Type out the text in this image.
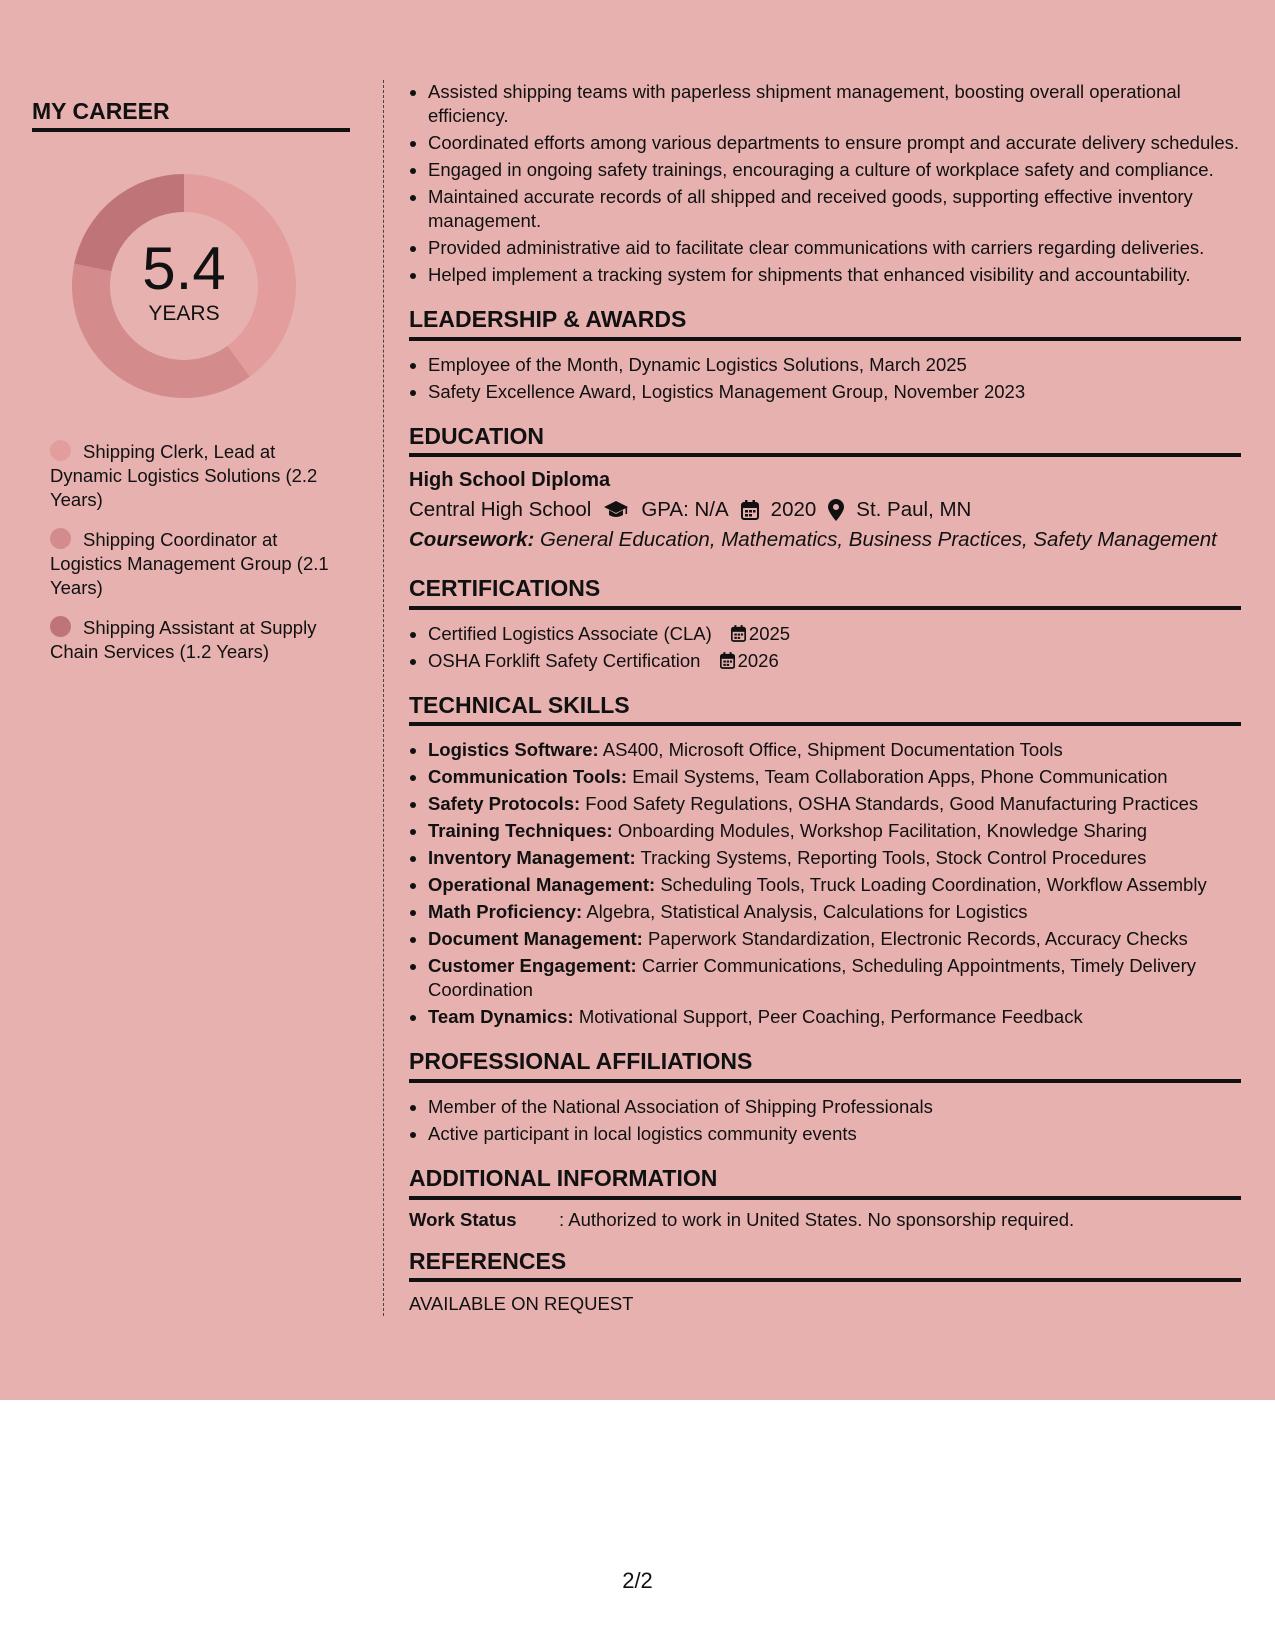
MY CAREER
5.4
YEARS
Shipping Clerk, Lead at Dynamic Logistics Solutions (2.2 Years)
Shipping Coordinator at Logistics Management Group (2.1 Years)
Shipping Assistant at Supply Chain Services (1.2 Years)
• Assisted shipping teams with paperless shipment management, boosting overall operational efficiency.
• Coordinated efforts among various departments to ensure prompt and accurate delivery schedules.
• Engaged in ongoing safety trainings, encouraging a culture of workplace safety and compliance.
• Maintained accurate records of all shipped and received goods, supporting effective inventory management.
• Provided administrative aid to facilitate clear communications with carriers regarding deliveries.
• Helped implement a tracking system for shipments that enhanced visibility and accountability.
LEADERSHIP & AWARDS
• Employee of the Month, Dynamic Logistics Solutions, March 2025
• Safety Excellence Award, Logistics Management Group, November 2023
EDUCATION
High School Diploma
Central High School GPA: N/A 2020 St. Paul, MN
Coursework: General Education, Mathematics, Business Practices, Safety Management
CERTIFICATIONS
• Certified Logistics Associate (CLA) 2025
• OSHA Forklift Safety Certification 2026
TECHNICAL SKILLS
• Logistics Software: AS400, Microsoft Office, Shipment Documentation Tools
• Communication Tools: Email Systems, Team Collaboration Apps, Phone Communication
• Safety Protocols: Food Safety Regulations, OSHA Standards, Good Manufacturing Practices
• Training Techniques: Onboarding Modules, Workshop Facilitation, Knowledge Sharing
• Inventory Management: Tracking Systems, Reporting Tools, Stock Control Procedures
• Operational Management: Scheduling Tools, Truck Loading Coordination, Workflow Assembly
• Math Proficiency: Algebra, Statistical Analysis, Calculations for Logistics
• Document Management: Paperwork Standardization, Electronic Records, Accuracy Checks
• Customer Engagement: Carrier Communications, Scheduling Appointments, Timely Delivery Coordination
• Team Dynamics: Motivational Support, Peer Coaching, Performance Feedback
PROFESSIONAL AFFILIATIONS
• Member of the National Association of Shipping Professionals
• Active participant in local logistics community events
ADDITIONAL INFORMATION
Work Status : Authorized to work in United States. No sponsorship required.
REFERENCES
AVAILABLE ON REQUEST
2/2
